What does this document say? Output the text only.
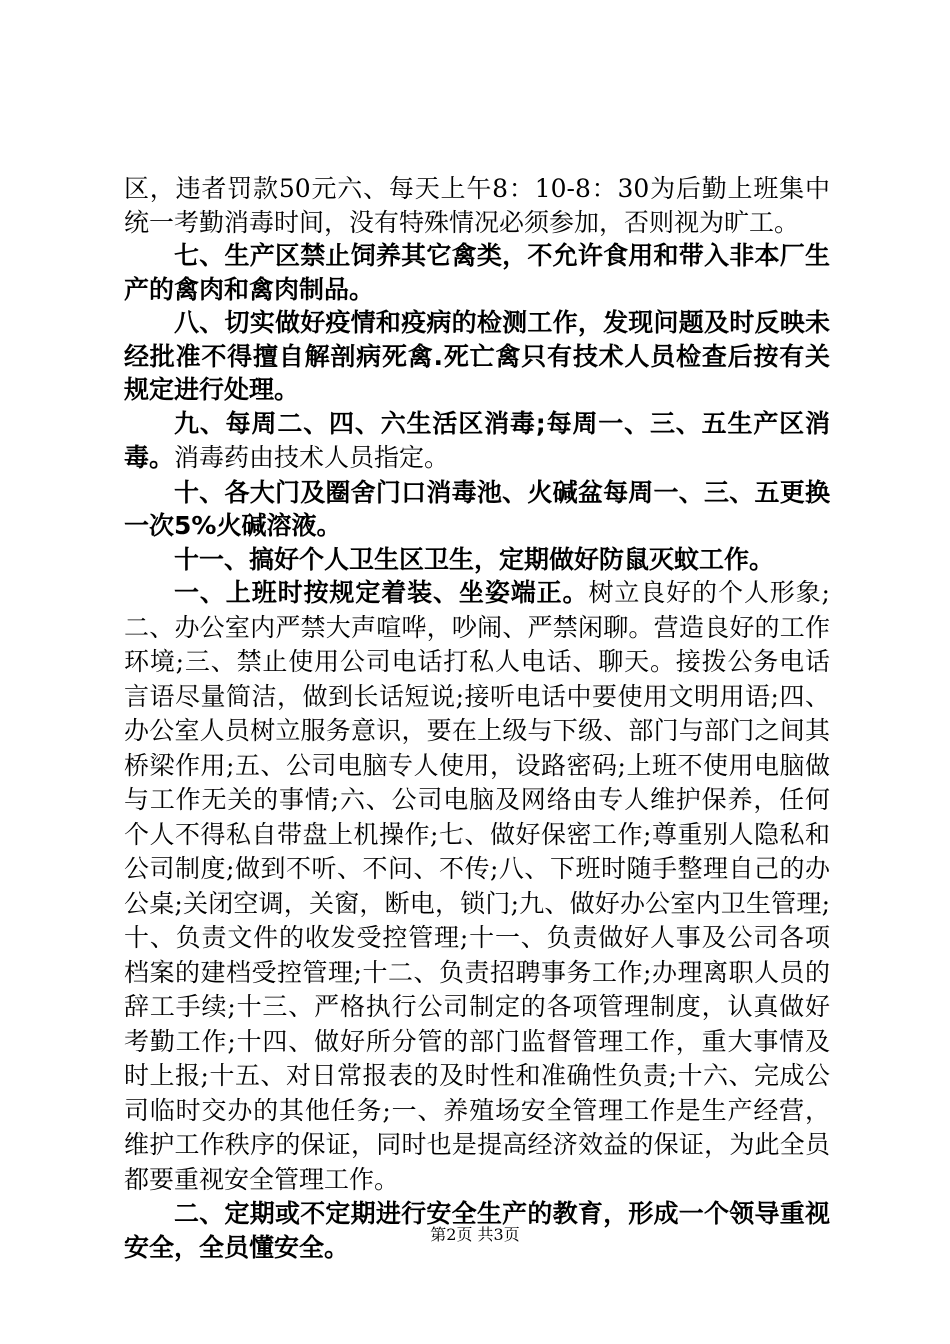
区，违者罚款50元六、每天上午8：10-8：30为后勤上班集中统一考勤消毒时间，没有特殊情况必须参加，否则视为旷工。

七、生产区禁止饲养其它禽类，不允许食用和带入非本厂生产的禽肉和禽肉制品。

八、切实做好疫情和疫病的检测工作，发现问题及时反映未经批准不得擅自解剖病死禽.死亡禽只有技术人员检查后按有关规定进行处理。

九、每周二、四、六生活区消毒;每周一、三、五生产区消毒。消毒药由技术人员指定。

十、各大门及圈舍门口消毒池、火碱盆每周一、三、五更换一次5%火碱溶液。

十一、搞好个人卫生区卫生，定期做好防鼠灭蚊工作。

一、上班时按规定着装、坐姿端正。树立良好的个人形象;二、办公室内严禁大声喧哗，吵闹、严禁闲聊。营造良好的工作环境;三、禁止使用公司电话打私人电话、聊天。接拨公务电话言语尽量简洁，做到长话短说;接听电话中要使用文明用语;四、办公室人员树立服务意识，要在上级与下级、部门与部门之间其桥梁作用;五、公司电脑专人使用，设路密码;上班不使用电脑做与工作无关的事情;六、公司电脑及网络由专人维护保养，任何个人不得私自带盘上机操作;七、做好保密工作;尊重别人隐私和公司制度;做到不听、不问、不传;八、下班时随手整理自己的办公桌;关闭空调，关窗，断电，锁门;九、做好办公室内卫生管理;十、负责文件的收发受控管理;十一、负责做好人事及公司各项档案的建档受控管理;十二、负责招聘事务工作;办理离职人员的辞工手续;十三、严格执行公司制定的各项管理制度，认真做好考勤工作;十四、做好所分管的部门监督管理工作，重大事情及时上报;十五、对日常报表的及时性和准确性负责;十六、完成公司临时交办的其他任务;一、养殖场安全管理工作是生产经营，维护工作秩序的保证，同时也是提高经济效益的保证，为此全员都要重视安全管理工作。

二、定期或不定期进行安全生产的教育，形成一个领导重视安全，全员懂安全。	第2页 共3页
